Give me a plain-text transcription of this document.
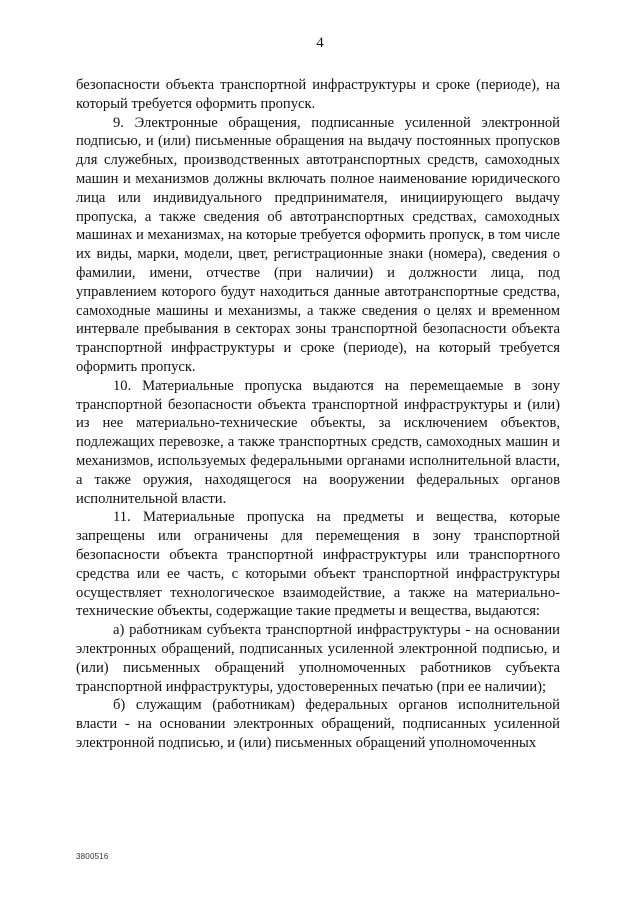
4

безопасности объекта транспортной инфраструктуры и сроке (периоде), на который требуется оформить пропуск.

9. Электронные обращения, подписанные усиленной электронной подписью, и (или) письменные обращения на выдачу постоянных пропусков для служебных, производственных автотранспортных средств, самоходных машин и механизмов должны включать полное наименование юридического лица или индивидуального предпринимателя, инициирующего выдачу пропуска, а также сведения об автотранспортных средствах, самоходных машинах и механизмах, на которые требуется оформить пропуск, в том числе их виды, марки, модели, цвет, регистрационные знаки (номера), сведения о фамилии, имени, отчестве (при наличии) и должности лица, под управлением которого будут находиться данные автотранспортные средства, самоходные машины и механизмы, а также сведения о целях и временном интервале пребывания в секторах зоны транспортной безопасности объекта транспортной инфраструктуры и сроке (периоде), на который требуется оформить пропуск.

10. Материальные пропуска выдаются на перемещаемые в зону транспортной безопасности объекта транспортной инфраструктуры и (или) из нее материально-технические объекты, за исключением объектов, подлежащих перевозке, а также транспортных средств, самоходных машин и механизмов, используемых федеральными органами исполнительной власти, а также оружия, находящегося на вооружении федеральных органов исполнительной власти.

11. Материальные пропуска на предметы и вещества, которые запрещены или ограничены для перемещения в зону транспортной безопасности объекта транспортной инфраструктуры или транспортного средства или ее часть, с которыми объект транспортной инфраструктуры осуществляет технологическое взаимодействие, а также на материально-технические объекты, содержащие такие предметы и вещества, выдаются:

а) работникам субъекта транспортной инфраструктуры - на основании электронных обращений, подписанных усиленной электронной подписью, и (или) письменных обращений уполномоченных работников субъекта транспортной инфраструктуры, удостоверенных печатью (при ее наличии);

б) служащим (работникам) федеральных органов исполнительной власти - на основании электронных обращений, подписанных усиленной электронной подписью, и (или) письменных обращений уполномоченных

3800516
